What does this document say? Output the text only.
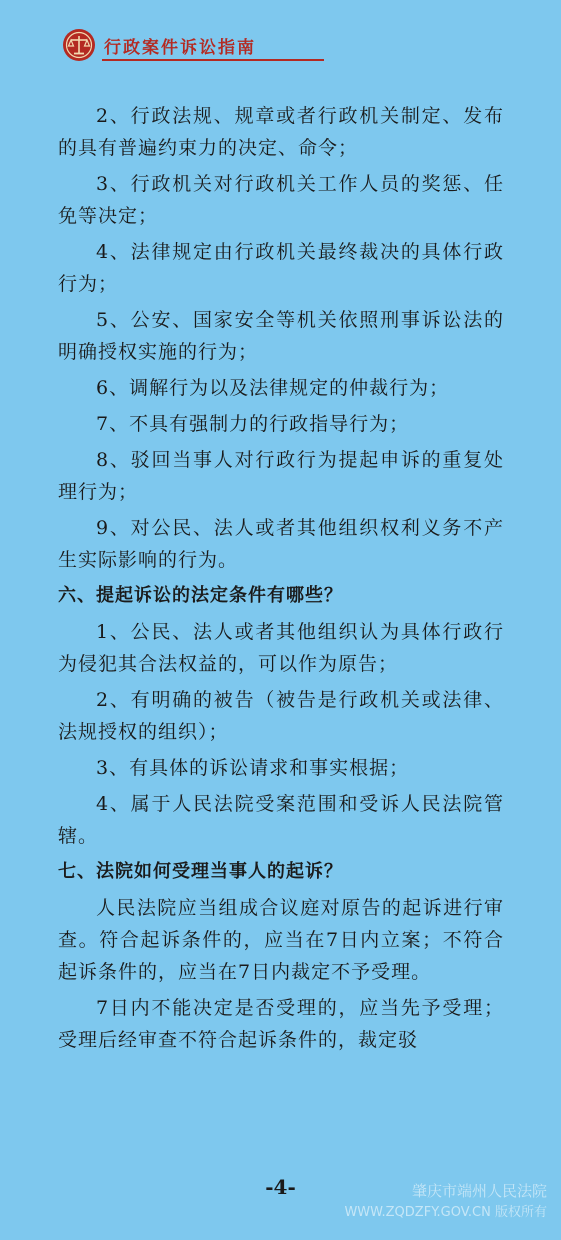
行政案件诉讼指南

2、行政法规、规章或者行政机关制定、发布的具有普遍约束力的决定、命令；

3、行政机关对行政机关工作人员的奖惩、任免等决定；

4、法律规定由行政机关最终裁决的具体行政行为；

5、公安、国家安全等机关依照刑事诉讼法的明确授权实施的行为；

6、调解行为以及法律规定的仲裁行为；

7、不具有强制力的行政指导行为；

8、驳回当事人对行政行为提起申诉的重复处理行为；

9、对公民、法人或者其他组织权利义务不产生实际影响的行为。

六、提起诉讼的法定条件有哪些？

1、公民、法人或者其他组织认为具体行政行为侵犯其合法权益的，可以作为原告；

2、有明确的被告（被告是行政机关或法律、法规授权的组织）；

3、有具体的诉讼请求和事实根据；

4、属于人民法院受案范围和受诉人民法院管辖。

七、法院如何受理当事人的起诉？

人民法院应当组成合议庭对原告的起诉进行审查。符合起诉条件的，应当在7日内立案；不符合起诉条件的，应当在7日内裁定不予受理。

7日内不能决定是否受理的，应当先予受理；受理后经审查不符合起诉条件的，裁定驳

-4-	肇庆市端州人民法院
WWW.ZQDZFY.GOV.CN 版权所有
